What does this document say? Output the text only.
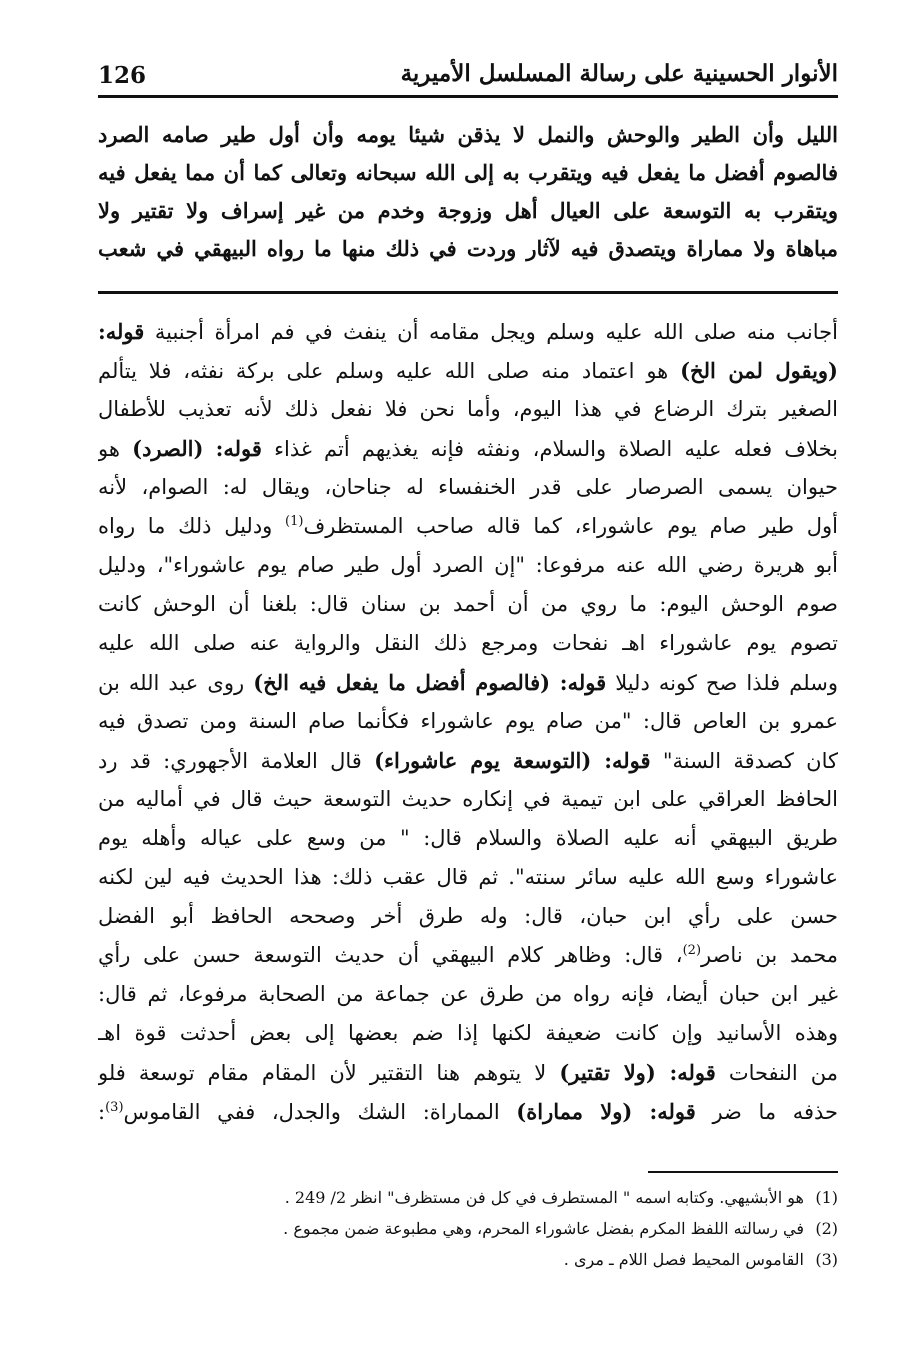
126	الأنوار الحسينية على رسالة المسلسل الأميرية
الليل وأن الطير والوحش والنمل لا يذقن شيئا يومه وأن أول طير صامه الصرد
فالصوم أفضل ما يفعل فيه ويتقرب به إلى الله سبحانه وتعالى كما أن مما يفعل فيه
ويتقرب به التوسعة على العيال أهل وزوجة وخدم من غير إسراف ولا تقتير ولا
مباهاة ولا مماراة ويتصدق فيه لآثار وردت في ذلك منها ما رواه البيهقي في شعب
أجانب منه صلى الله عليه وسلم ويجل مقامه أن ينفث في فم امرأة أجنبية قوله:
(ويقول لمن الخ) هو اعتماد منه صلى الله عليه وسلم على بركة نفثه، فلا يتألم
الصغير بترك الرضاع في هذا اليوم، وأما نحن فلا نفعل ذلك لأنه تعذيب للأطفال
بخلاف فعله عليه الصلاة والسلام، ونفثه فإنه يغذيهم أتم غذاء قوله: (الصرد) هو
حيوان يسمى الصرصار على قدر الخنفساء له جناحان، ويقال له: الصوام، لأنه
أول طير صام يوم عاشوراء، كما قاله صاحب المستظرف$^{(1)}$ ودليل ذلك ما رواه
أبو هريرة رضي الله عنه مرفوعا: "إن الصرد أول طير صام يوم عاشوراء"، ودليل
صوم الوحش اليوم: ما روي من أن أحمد بن سنان قال: بلغنا أن الوحش كانت
تصوم يوم عاشوراء اهـ نفحات ومرجع ذلك النقل والرواية عنه صلى الله عليه
وسلم فلذا صح كونه دليلا قوله: (فالصوم أفضل ما يفعل فيه الخ) روى عبد الله بن
عمرو بن العاص قال: "من صام يوم عاشوراء فكأنما صام السنة ومن تصدق فيه
كان كصدقة السنة" قوله: (التوسعة يوم عاشوراء) قال العلامة الأجهوري: قد رد
الحافظ العراقي على ابن تيمية في إنكاره حديث التوسعة حيث قال في أماليه من
طريق البيهقي أنه عليه الصلاة والسلام قال: " من وسع على عياله وأهله يوم
عاشوراء وسع الله عليه سائر سنته". ثم قال عقب ذلك: هذا الحديث فيه لين لكنه
حسن على رأي ابن حبان، قال: وله طرق أخر وصححه الحافظ أبو الفضل
محمد بن ناصر$^{(2)}$، قال: وظاهر كلام البيهقي أن حديث التوسعة حسن على رأي
غير ابن حبان أيضا، فإنه رواه من طرق عن جماعة من الصحابة مرفوعا، ثم قال:
وهذه الأسانيد وإن كانت ضعيفة لكنها إذا ضم بعضها إلى بعض أحدثت قوة اهـ
من النفحات قوله: (ولا تقتير) لا يتوهم هنا التقتير لأن المقام مقام توسعة فلو
حذفه ما ضر قوله: (ولا مماراة) المماراة: الشك والجدل، ففي القاموس$^{(3)}$:
(1)هو الأبشيهي. وكتابه اسمه " المستطرف في كل فن مستظرف" انظر 2/ 249 .
(2)في رسالته اللفظ المكرم بفضل عاشوراء المحرم، وهي مطبوعة ضمن مجموع .
(3)القاموس المحيط فصل اللام ـ مرى .
